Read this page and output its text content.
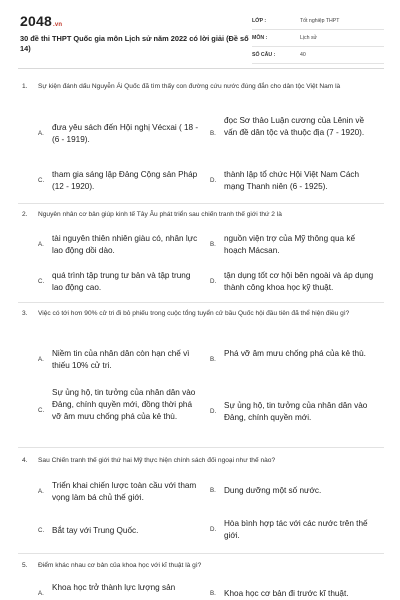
2048.vn
30 đề thi THPT Quốc gia môn Lịch sử năm 2022 có lời giải (Đề số 14)
LỚP :	Tốt nghiệp THPT
MÔN :	Lịch sử
SỐ CÂU :	40
1. Sự kiện đánh dấu Nguyễn Ái Quốc đã tìm thấy con đường cứu nước đúng đắn cho dân tộc Việt Nam là
A.
đưa yêu sách đến Hội nghị Vécxai ( 18 - (6 - 1919).
B.
đọc Sơ thảo Luận cương của Lênin về vấn đề dân tộc và thuộc địa (7 - 1920).
C.
tham gia sáng lập Đảng Cộng sản Pháp (12 - 1920).
D.
thành lập tổ chức Hội Việt Nam Cách mạng Thanh niên (6 - 1925).
2. Nguyên nhân cơ bản giúp kinh tế Tây Âu phát triển sau chiến tranh thế giới thứ 2 là
A.
tài nguyên thiên nhiên giàu có, nhân lực lao động dồi dào.
B.
nguồn viện trợ của Mỹ thông qua kế hoạch Mácsan.
C.
quá trình tập trung tư bản và tập trung lao động cao.
D.
tận dụng tốt cơ hội bên ngoài và áp dụng thành công khoa học kỹ thuật.
3. Việc có tới hơn 90% cử tri đi bỏ phiếu trong cuộc tổng tuyển cử bầu Quốc hội đầu tiên đã thể hiện điều gì?
A.
Niềm tin của nhân dân còn hạn chế vì thiếu 10% cử tri.
B.
Phá vỡ âm mưu chống phá của kẻ thù.
C.
Sự ủng hộ, tin tưởng của nhân dân vào Đảng, chính quyền mới, đồng thời phá vỡ âm mưu chống phá của kẻ thù.
D.
Sự ủng hộ, tin tưởng của nhân dân vào Đảng, chính quyền mới.
4. Sau Chiến tranh thế giới thứ hai Mỹ thực hiện chính sách đối ngoại như thế nào?
A.
Triển khai chiến lược toàn cầu với tham vọng làm bá chủ thế giới.
B. Dung dưỡng một số nước.
C. Bắt tay với Trung Quốc.	D.
Hòa bình hợp tác với các nước trên thế giới.
5. Điểm khác nhau cơ bản của khoa học với kĩ thuật là gì?
A.
Khoa học trở thành lực lượng sản
B. Khoa học cơ bản đi trước kĩ thuật.
